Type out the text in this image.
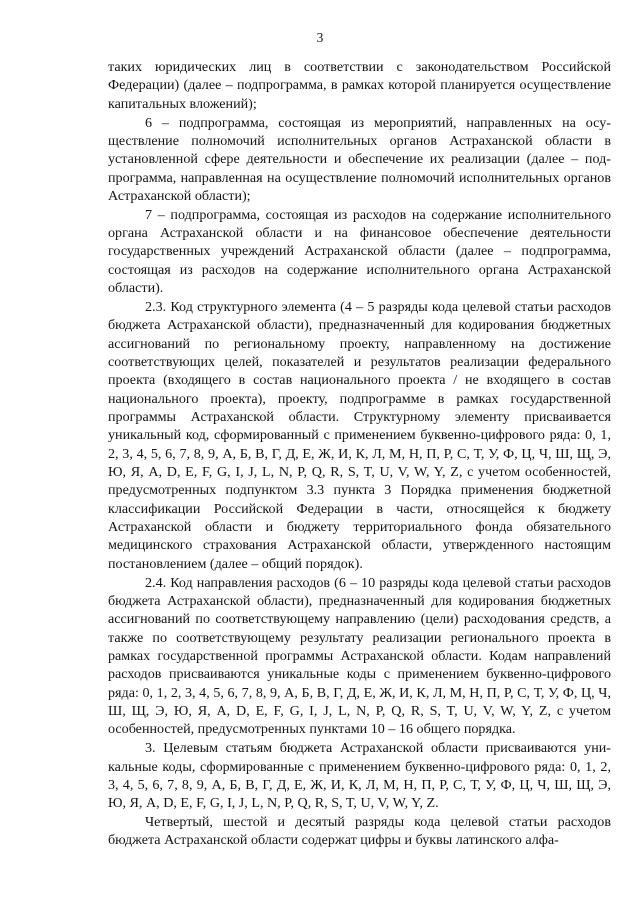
3

таких юридических лиц в соответствии с законодательством Российской Федерации) (далее – подпрограмма, в рамках которой планируется осуществление капитальных вложений);

6 – подпрограмма, состоящая из мероприятий, направленных на осуществление полномочий исполнительных органов Астраханской области в установленной сфере деятельности и обеспечение их реализации (далее – подпрограмма, направленная на осуществление полномочий исполнительных органов Астраханской области);

7 – подпрограмма, состоящая из расходов на содержание исполнительного органа Астраханской области и на финансовое обеспечение деятельности государственных учреждений Астраханской области (далее – подпрограмма, состоящая из расходов на содержание исполнительного органа Астраханской области).

2.3. Код структурного элемента (4 – 5 разряды кода целевой статьи расходов бюджета Астраханской области), предназначенный для кодирования бюджетных ассигнований по региональному проекту, направленному на достижение соответствующих целей, показателей и результатов реализации федерального проекта (входящего в состав национального проекта / не входящего в состав национального проекта), проекту, подпрограмме в рамках государственной программы Астраханской области. Структурному элементу присваивается уникальный код, сформированный с применением буквенно-цифрового ряда: 0, 1, 2, 3, 4, 5, 6, 7, 8, 9, А, Б, В, Г, Д, Е, Ж, И, К, Л, М, Н, П, Р, С, Т, У, Ф, Ц, Ч, Ш, Щ, Э, Ю, Я, A, D, E, F, G, I, J, L, N, P, Q, R, S, T, U, V, W, Y, Z, с учетом особенностей, предусмотренных подпунктом 3.3 пункта 3 Порядка применения бюджетной классификации Российской Федерации в части, относящейся к бюджету Астраханской области и бюджету территориального фонда обязательного медицинского страхования Астраханской области, утвержденного настоящим постановлением (далее – общий порядок).

2.4. Код направления расходов (6 – 10 разряды кода целевой статьи расходов бюджета Астраханской области), предназначенный для кодирования бюджетных ассигнований по соответствующему направлению (цели) расходования средств, а также по соответствующему результату реализации регионального проекта в рамках государственной программы Астраханской области. Кодам направлений расходов присваиваются уникальные коды с применением буквенно-цифрового ряда: 0, 1, 2, 3, 4, 5, 6, 7, 8, 9, А, Б, В, Г, Д, Е, Ж, И, К, Л, М, Н, П, Р, С, Т, У, Ф, Ц, Ч, Ш, Щ, Э, Ю, Я, A, D, E, F, G, I, J, L, N, P, Q, R, S, T, U, V, W, Y, Z, с учетом особенностей, предусмотренных пунктами 10 – 16 общего порядка.

3. Целевым статьям бюджета Астраханской области присваиваются уникальные коды, сформированные с применением буквенно-цифрового ряда: 0, 1, 2, 3, 4, 5, 6, 7, 8, 9, А, Б, В, Г, Д, Е, Ж, И, К, Л, М, Н, П, Р, С, Т, У, Ф, Ц, Ч, Ш, Щ, Э, Ю, Я, A, D, E, F, G, I, J, L, N, P, Q, R, S, T, U, V, W, Y, Z.

Четвертый, шестой и десятый разряды кода целевой статьи расходов бюджета Астраханской области содержат цифры и буквы латинского алфа-
